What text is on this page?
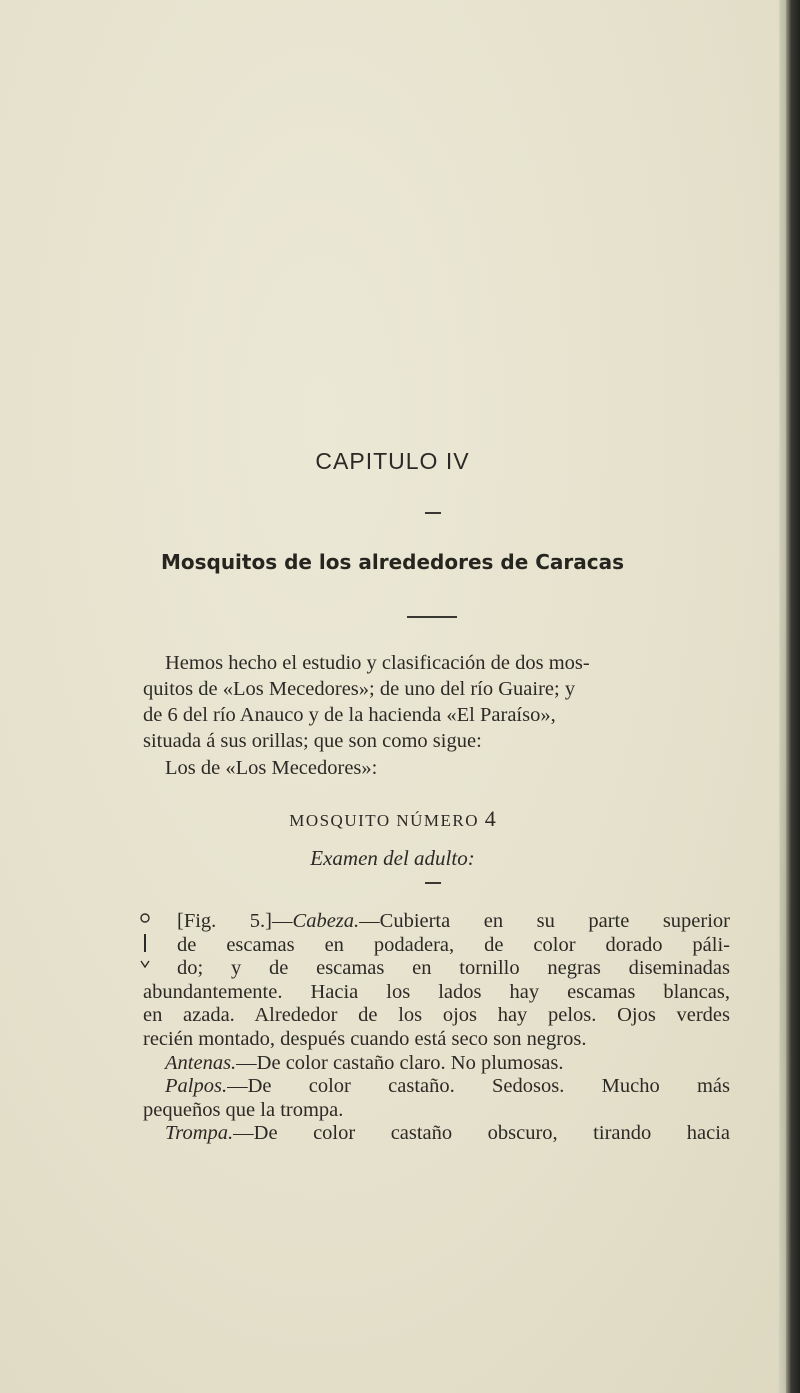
CAPITULO IV
Mosquitos de los alrededores de Caracas
Hemos hecho el estudio y clasificación de dos mos-
quitos de «Los Mecedores»; de uno del río Guaire; y
de 6 del río Anauco y de la hacienda «El Paraíso»,
situada á sus orillas; que son como sigue:
Los de «Los Mecedores»:
MOSQUITO NÚMERO 4
Examen del adulto:
[Fig. 5.]—Cabeza.—Cubierta en su parte superior
de escamas en podadera, de color dorado páli-
do; y de escamas en tornillo negras diseminadas
abundantemente. Hacia los lados hay escamas blancas,
en azada. Alrededor de los ojos hay pelos. Ojos verdes
recién montado, después cuando está seco son negros.
Antenas.—De color castaño claro. No plumosas.
Palpos.—De color castaño. Sedosos. Mucho más
pequeños que la trompa.
Trompa.—De color castaño obscuro, tirando hacia
